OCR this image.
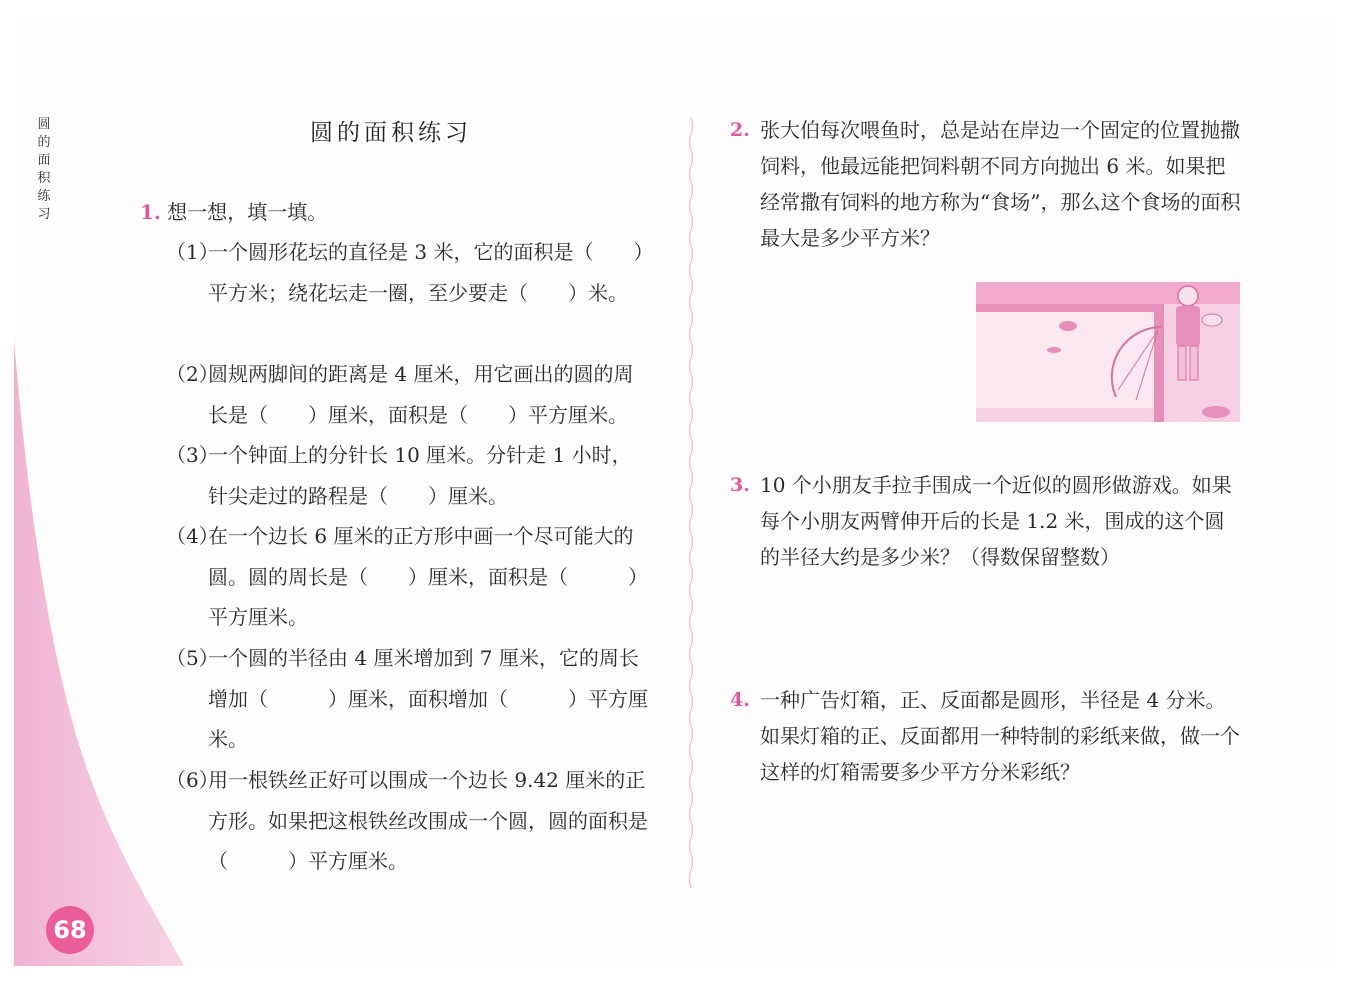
圆的面积练习
68
圆的面积练习
1. 想一想，填一填。
（1）
一个圆形花坛的直径是 3 米，它的面积是（　　）平方米；绕花坛走一圈，至少要走（　　）米。
（2）
圆规两脚间的距离是 4 厘米，用它画出的圆的周长是（　　）厘米，面积是（　　）平方厘米。
（3）
一个钟面上的分针长 10 厘米。分针走 1 小时，针尖走过的路程是（　　）厘米。
（4）
在一个边长 6 厘米的正方形中画一个尽可能大的圆。圆的周长是（　　）厘米，面积是（　　　）平方厘米。
（5）
一个圆的半径由 4 厘米增加到 7 厘米，它的周长增加（　　　）厘米，面积增加（　　　）平方厘米。
（6）
用一根铁丝正好可以围成一个边长 9.42 厘米的正方形。如果把这根铁丝改围成一个圆，圆的面积是（　　　）平方厘米。
2. 张大伯每次喂鱼时，总是站在岸边一个固定的位置抛撒饲料，他最远能把饲料朝不同方向抛出 6 米。如果把经常撒有饲料的地方称为“食场”，那么这个食场的面积最大是多少平方米？
3. 10 个小朋友手拉手围成一个近似的圆形做游戏。如果每个小朋友两臂伸开后的长是 1.2 米，围成的这个圆的半径大约是多少米？（得数保留整数）
4. 一种广告灯箱，正、反面都是圆形，半径是 4 分米。如果灯箱的正、反面都用一种特制的彩纸来做，做一个这样的灯箱需要多少平方分米彩纸？
